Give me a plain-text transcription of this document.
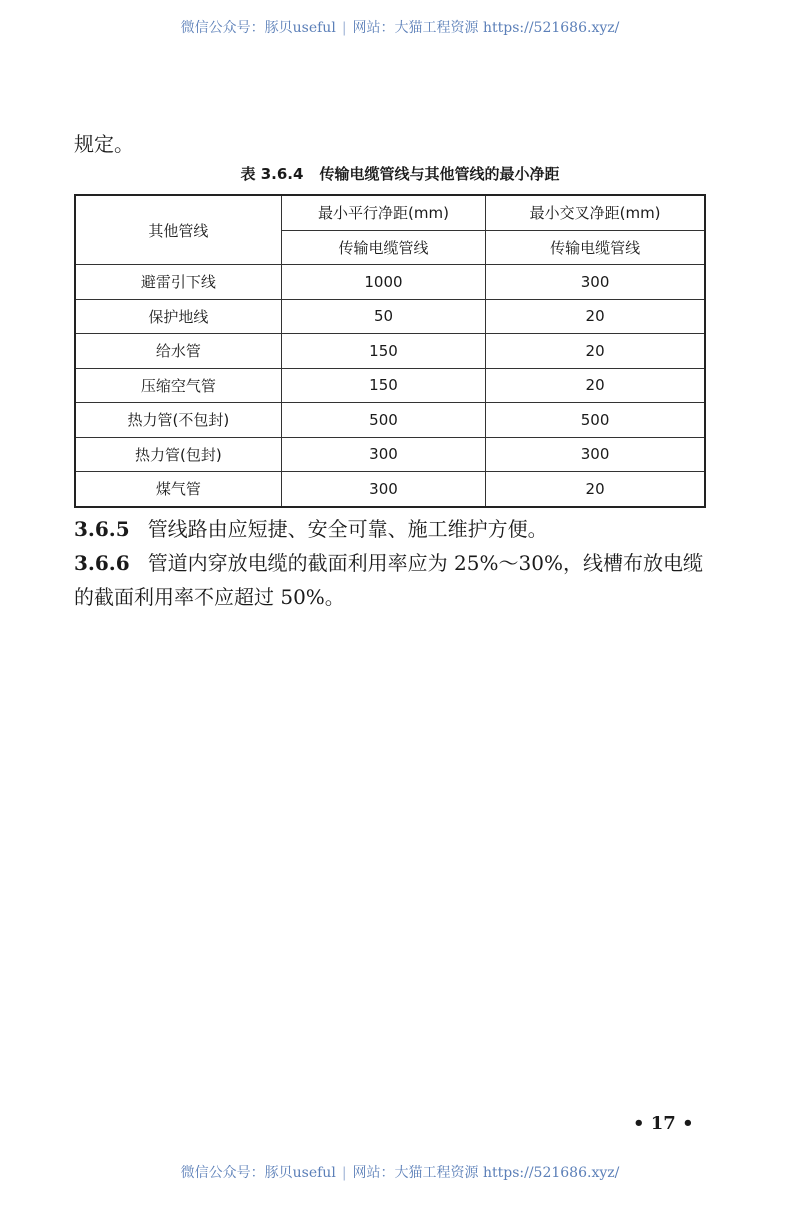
微信公众号：豚贝useful | 网站：大猫工程资源 https://521686.xyz/
规定。
表 3.6.4 传输电缆管线与其他管线的最小净距
其他管线	最小平行净距(mm)	最小交叉净距(mm)
	传输电缆管线	传输电缆管线
避雷引下线	1000	300
保护地线	50	20
给水管	150	20
压缩空气管	150	20
热力管(不包封)	500	500
热力管(包封)	300	300
煤气管	300	20
3.6.5 管线路由应短捷、安全可靠、施工维护方便。
3.6.6 管道内穿放电缆的截面利用率应为 25%～30%，线槽布放电缆的截面利用率不应超过 50%。
• 17 •
微信公众号：豚贝useful | 网站：大猫工程资源 https://521686.xyz/
